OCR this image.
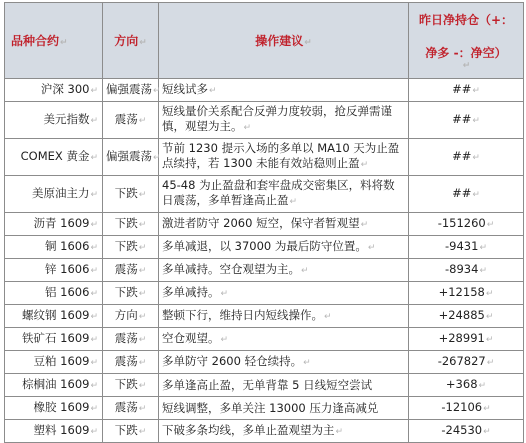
品种合约↵	方向↵	操作建议↵	昨日净持仓（+：
净多 -：净空）
↵

沪深 300↵	偏强震荡↵	短线试多↵	##↵
美元指数↵	震荡↵	短线量价关系配合反弹力度较弱，抢反弹需谨慎，观望为主。↵	##↵
COMEX 黄金↵	偏强震荡↵	节前 1230 提示入场的多单以 MA10 天为止盈点续持，若 1300 未能有效站稳则止盈↵	##↵
美原油主力↵	下跌↵	45-48 为止盈盘和套牢盘成交密集区，料将数日震荡，多单暂逢高止盈↵	##↵
沥青 1609↵	下跌↵	激进者防守 2060 短空，保守者暂观望↵	-151260↵
铜 1606↵	下跌↵	多单减退，以 37000 为最后防守位置。↵	-9431↵
锌 1606↵	震荡↵	多单减持。空仓观望为主。↵	-8934↵
铝 1606↵	下跌↵	多单减持。↵	+12158↵
螺纹钢 1609↵	方向↵	整顿下行，维持日内短线操作。↵	+24885↵
铁矿石 1609↵	震荡↵	空仓观望。↵	+28991↵
豆粕 1609↵	震荡↵	多单防守 2600 轻仓续持。↵	-267827↵
棕榈油 1609↵	下跌↵	多单逢高止盈，无单背靠 5 日线短空尝试	+368↵
橡胶 1609↵	震荡↵	短线调整，多单关注 13000 压力逢高减兑	-12106↵
塑料 1609↵	下跌↵	下破多条均线，多单止盈观望为主↵	-24530↵
